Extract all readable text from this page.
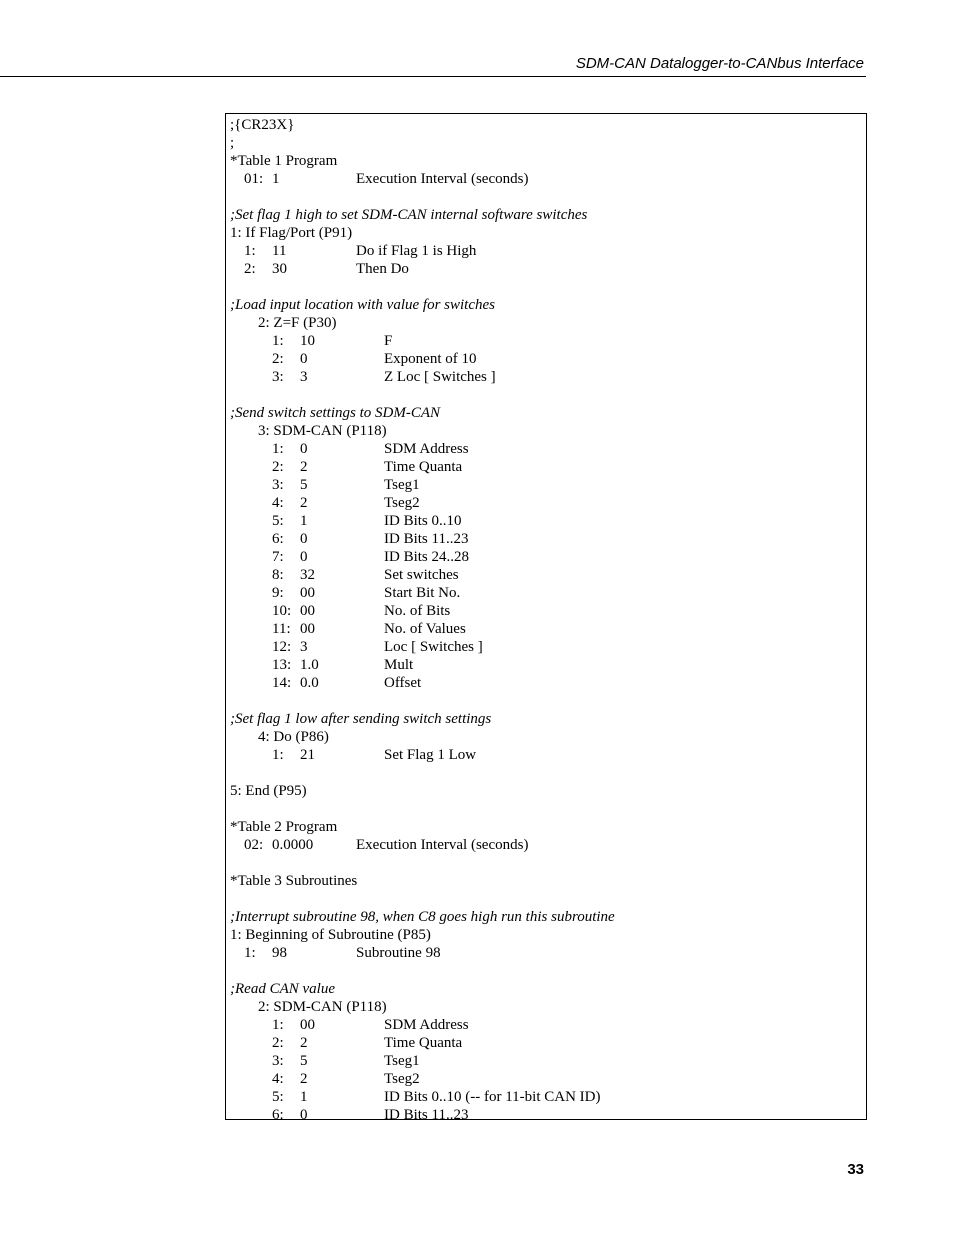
SDM-CAN Datalogger-to-CANbus Interface
;{CR23X}
;
*Table 1 Program
01: 1	Execution Interval (seconds)
;Set flag 1 high to set SDM-CAN internal software switches
1: If Flag/Port (P91)
1: 11	Do if Flag 1 is High
2: 30	Then Do
;Load input location with value for switches
2: Z=F (P30)
1: 10	F
2: 0	Exponent of 10
3: 3	Z Loc [ Switches ]
;Send switch settings to SDM-CAN
3: SDM-CAN (P118)
1: 0	SDM Address
2: 2	Time Quanta
3: 5	Tseg1
4: 2	Tseg2
5: 1	ID Bits 0..10
6: 0	ID Bits 11..23
7: 0	ID Bits 24..28
8: 32	Set switches
9: 00	Start Bit No.
10: 00	No. of Bits
11: 00	No. of Values
12: 3	Loc [ Switches ]
13: 1.0	Mult
14: 0.0	Offset
;Set flag 1 low after sending switch settings
4: Do (P86)
1: 21	Set Flag 1 Low
5: End (P95)
*Table 2 Program
02: 0.0000	Execution Interval (seconds)
*Table 3 Subroutines
;Interrupt subroutine 98, when C8 goes high run this subroutine
1: Beginning of Subroutine (P85)
1: 98	Subroutine 98
;Read CAN value
2: SDM-CAN (P118)
1: 00	SDM Address
2: 2	Time Quanta
3: 5	Tseg1
4: 2	Tseg2
5: 1	ID Bits 0..10 (-- for 11-bit CAN ID)
6: 0	ID Bits 11..23
33
